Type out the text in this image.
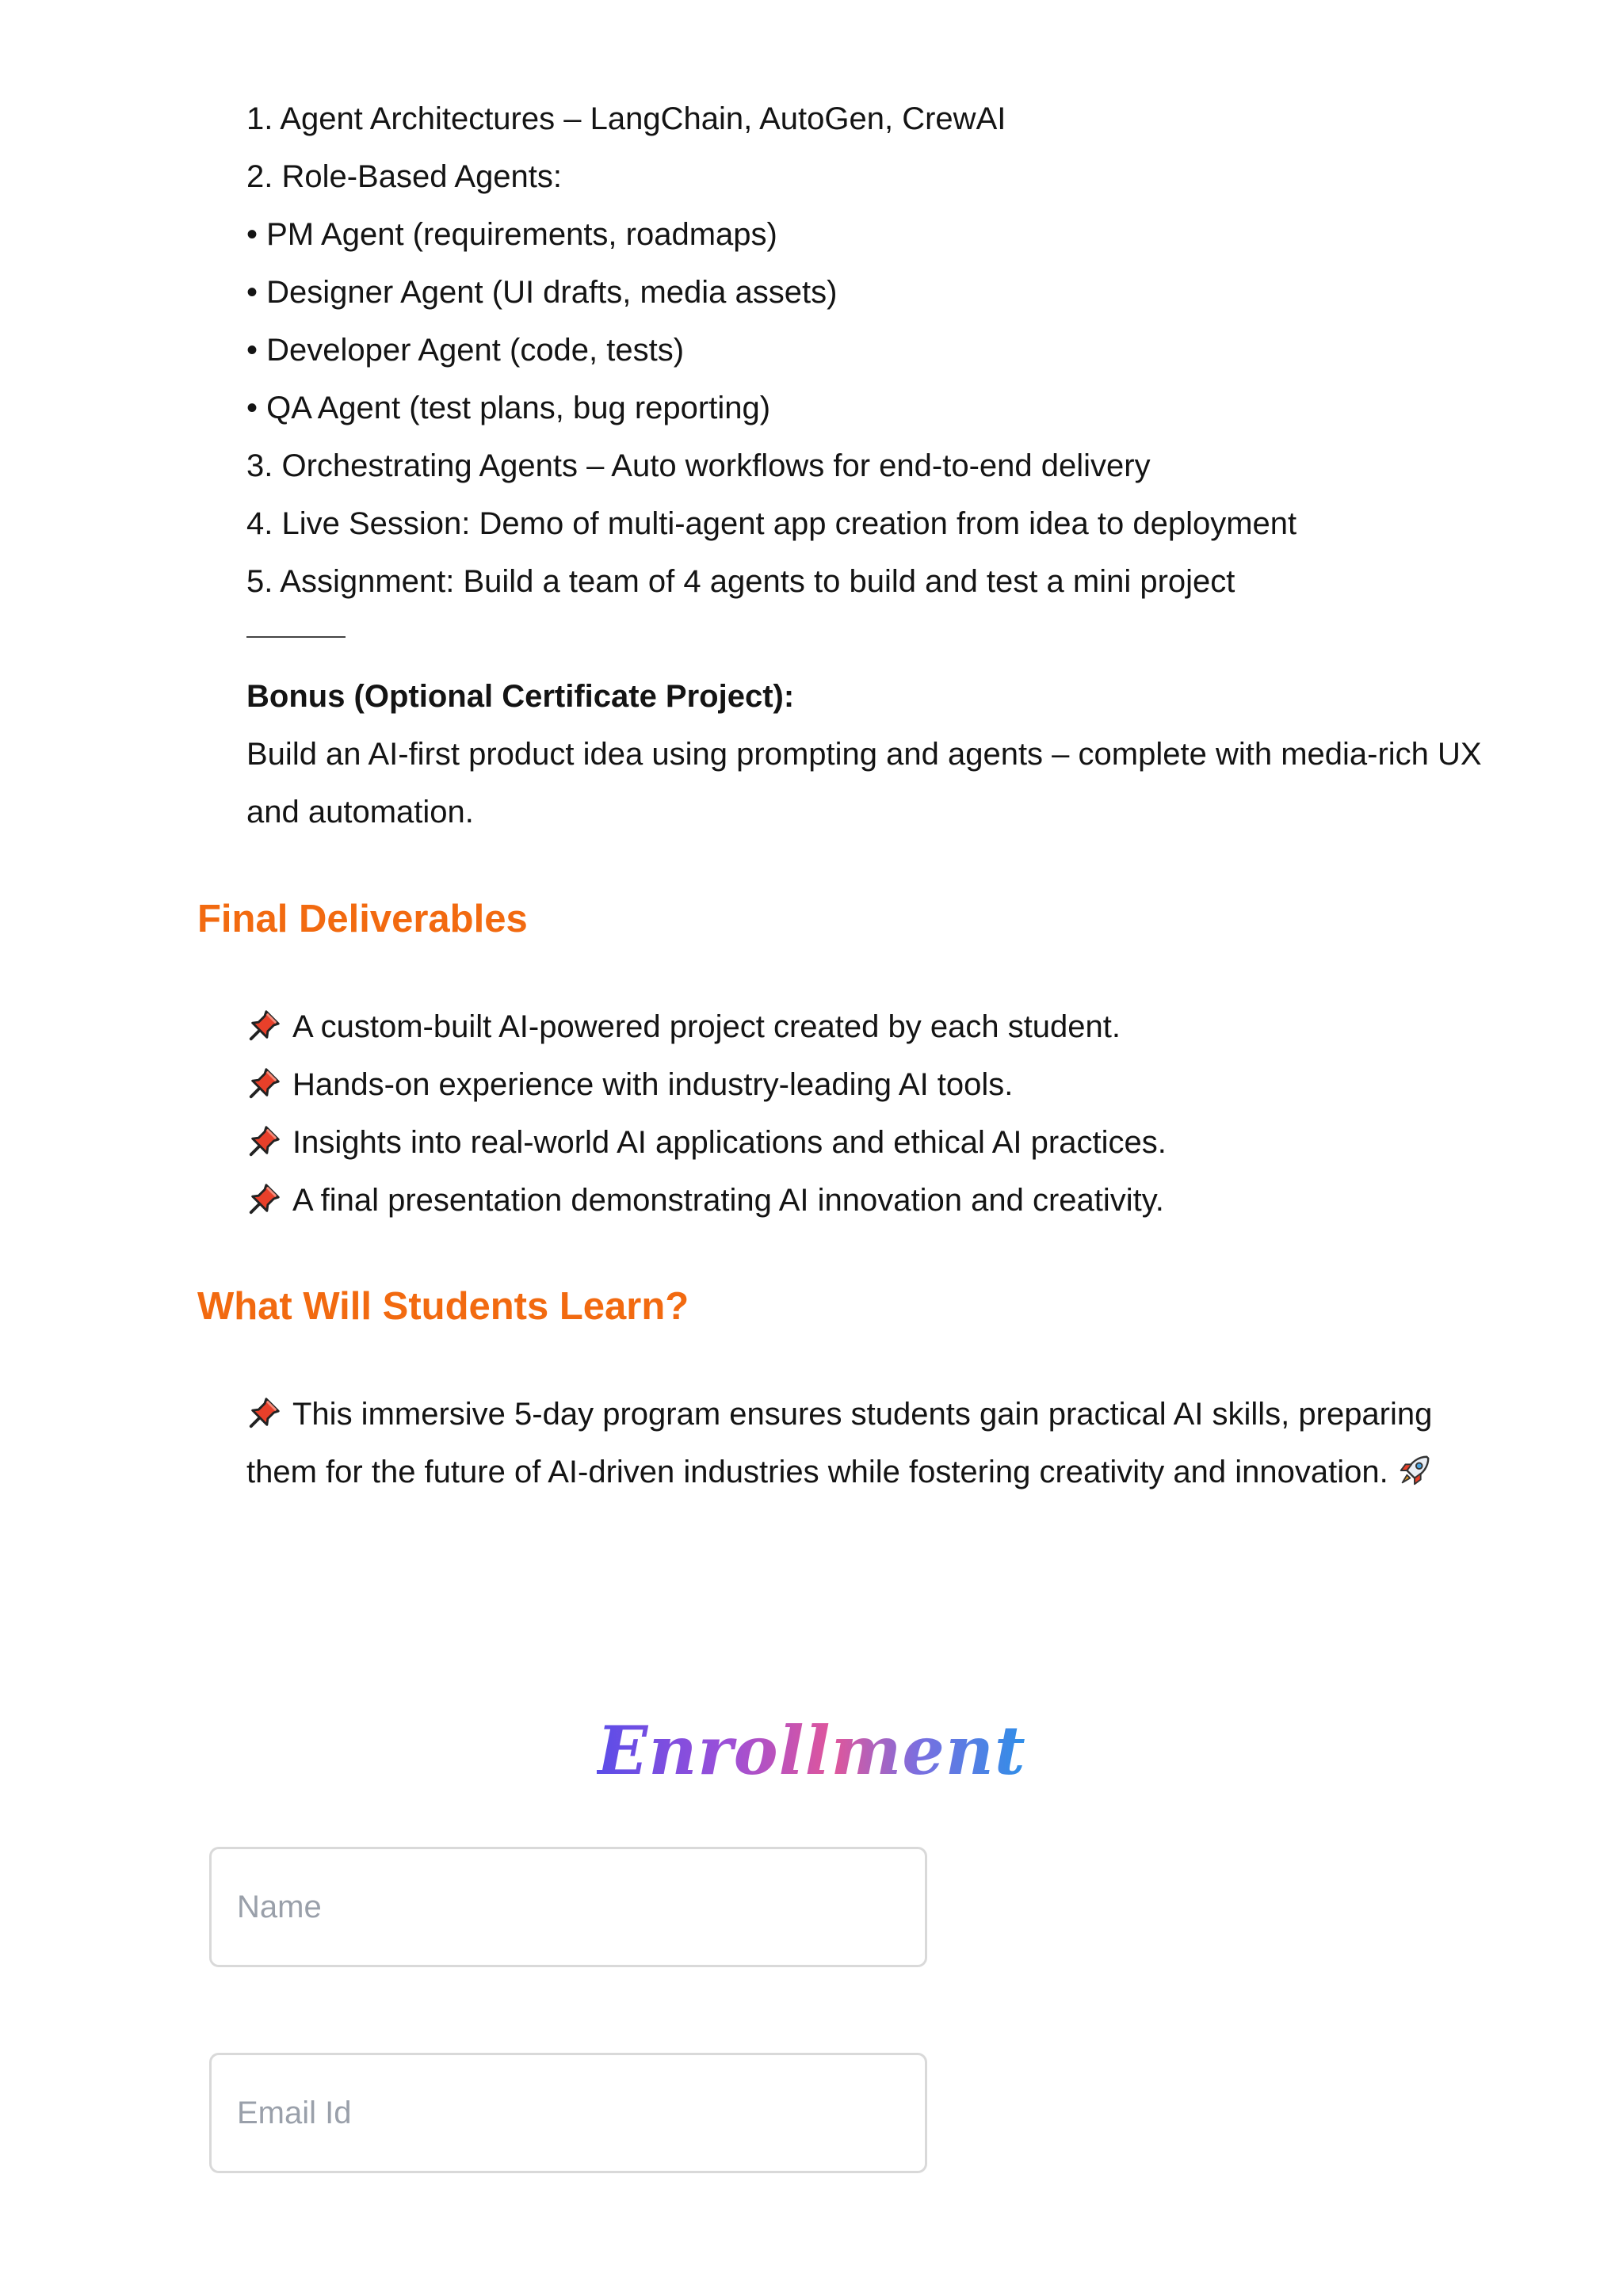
1. Agent Architectures – LangChain, AutoGen, CrewAI
2. Role-Based Agents:
• PM Agent (requirements, roadmaps)
• Designer Agent (UI drafts, media assets)
• Developer Agent (code, tests)
• QA Agent (test plans, bug reporting)
3. Orchestrating Agents – Auto workflows for end-to-end delivery
4. Live Session: Demo of multi-agent app creation from idea to deployment
5. Assignment: Build a team of 4 agents to build and test a mini project
Bonus (Optional Certificate Project):
Build an AI-first product idea using prompting and agents – complete with media-rich UX
and automation.
Final Deliverables
A custom-built AI-powered project created by each student.
Hands-on experience with industry-leading AI tools.
Insights into real-world AI applications and ethical AI practices.
A final presentation demonstrating AI innovation and creativity.
What Will Students Learn?
This immersive 5-day program ensures students gain practical AI skills, preparing
them for the future of AI-driven industries while fostering creativity and innovation.
Enrollment
Name
Email Id
